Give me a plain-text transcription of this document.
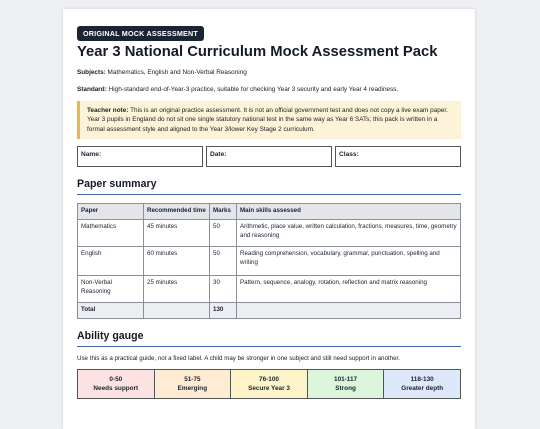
ORIGINAL MOCK ASSESSMENT
Year 3 National Curriculum Mock Assessment Pack

Subjects: Mathematics, English and Non-Verbal Reasoning

Standard: High-standard end-of-Year-3 practice, suitable for checking Year 3 security and early Year 4 readiness.

Teacher note: This is an original practice assessment. It is not an official government test and does not copy a live exam paper. Year 3 pupils in England do not sit one single statutory national test in the same way as Year 6 SATs; this pack is written in a formal assessment style and aligned to the Year 3/lower Key Stage 2 curriculum.
Name:	Date:	Class:
Paper summary
Paper	Recommended time	Marks	Main skills assessed
Mathematics	45 minutes	50	Arithmetic, place value, written calculation, fractions, measures, time, geometry and reasoning
English	60 minutes	50	Reading comprehension, vocabulary, grammar, punctuation, spelling and writing
Non-Verbal Reasoning	25 minutes	30	Pattern, sequence, analogy, rotation, reflection and matrix reasoning
Total		130	
Ability gauge

Use this as a practical guide, not a fixed label. A child may be stronger in one subject and still need support in another.

0-50
Needs support
51-75
Emerging
76-100
Secure Year 3
101-117
Strong
118-130
Greater depth
